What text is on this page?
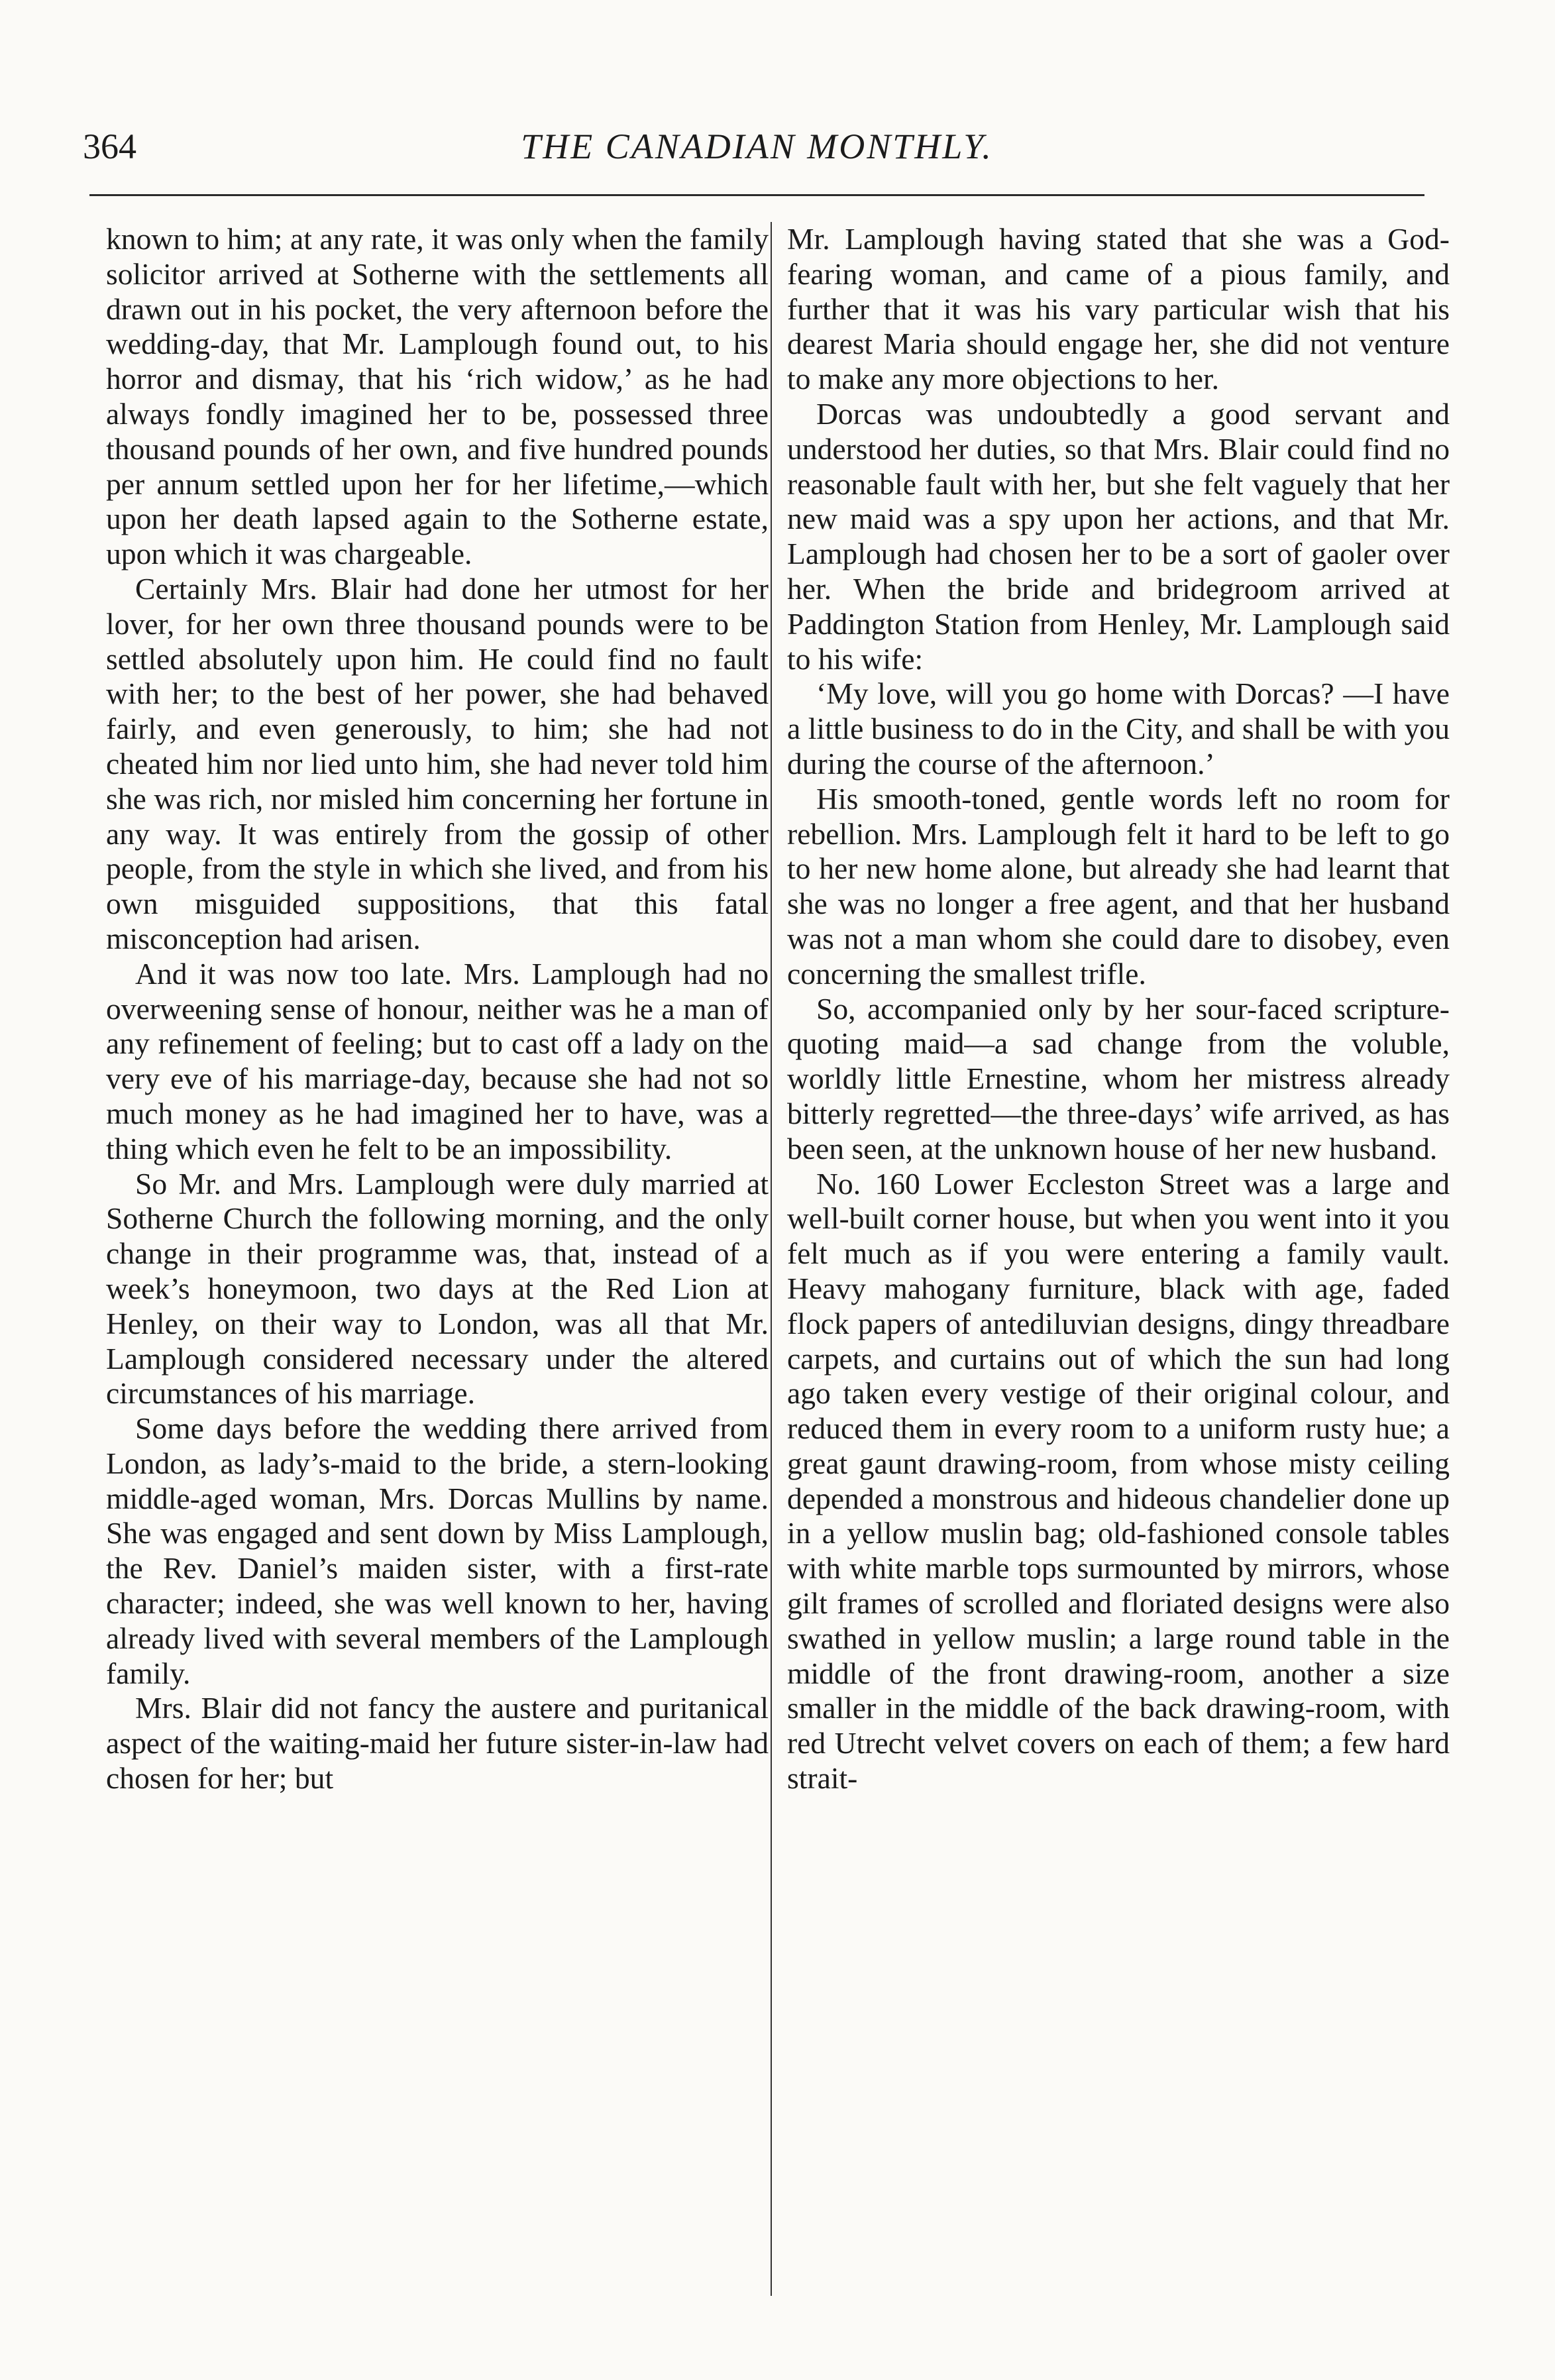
364	THE CANADIAN MONTHLY.

known to him; at any rate, it was only when the family solicitor arrived at Sotherne with the settlements all drawn out in his pocket, the very afternoon before the wedding-day, that Mr. Lamplough found out, to his horror and dismay, that his ‘rich widow,’ as he had always fondly imagined her to be, possessed three thousand pounds of her own, and five hundred pounds per annum settled upon her for her lifetime,—which upon her death lapsed again to the Sotherne estate, upon which it was chargeable.

Certainly Mrs. Blair had done her utmost for her lover, for her own three thousand pounds were to be settled absolutely upon him. He could find no fault with her; to the best of her power, she had behaved fairly, and even generously, to him; she had not cheated him nor lied unto him, she had never told him she was rich, nor misled him concerning her fortune in any way. It was entirely from the gossip of other people, from the style in which she lived, and from his own misguided suppositions, that this fatal misconception had arisen.

And it was now too late. Mrs. Lamplough had no overweening sense of honour, neither was he a man of any refinement of feeling; but to cast off a lady on the very eve of his marriage-day, because she had not so much money as he had imagined her to have, was a thing which even he felt to be an impossibility.

So Mr. and Mrs. Lamplough were duly married at Sotherne Church the following morning, and the only change in their programme was, that, instead of a week’s honeymoon, two days at the Red Lion at Henley, on their way to London, was all that Mr. Lamplough considered necessary under the altered circumstances of his marriage.

Some days before the wedding there arrived from London, as lady’s-maid to the bride, a stern-looking middle-aged woman, Mrs. Dorcas Mullins by name. She was engaged and sent down by Miss Lamplough, the Rev. Daniel’s maiden sister, with a first-rate character; indeed, she was well known to her, having already lived with several members of the Lamplough family.

Mrs. Blair did not fancy the austere and puritanical aspect of the waiting-maid her future sister-in-law had chosen for her; but

Mr. Lamplough having stated that she was a God-fearing woman, and came of a pious family, and further that it was his vary particular wish that his dearest Maria should engage her, she did not venture to make any more objections to her.

Dorcas was undoubtedly a good servant and understood her duties, so that Mrs. Blair could find no reasonable fault with her, but she felt vaguely that her new maid was a spy upon her actions, and that Mr. Lamplough had chosen her to be a sort of gaoler over her. When the bride and bridegroom arrived at Paddington Station from Henley, Mr. Lamplough said to his wife:

‘My love, will you go home with Dorcas? —I have a little business to do in the City, and shall be with you during the course of the afternoon.’

His smooth-toned, gentle words left no room for rebellion. Mrs. Lamplough felt it hard to be left to go to her new home alone, but already she had learnt that she was no longer a free agent, and that her husband was not a man whom she could dare to disobey, even concerning the smallest trifle.

So, accompanied only by her sour-faced scripture-quoting maid—a sad change from the voluble, worldly little Ernestine, whom her mistress already bitterly regretted—the three-days’ wife arrived, as has been seen, at the unknown house of her new husband.

No. 160 Lower Eccleston Street was a large and well-built corner house, but when you went into it you felt much as if you were entering a family vault. Heavy mahogany furniture, black with age, faded flock papers of antediluvian designs, dingy threadbare carpets, and curtains out of which the sun had long ago taken every vestige of their original colour, and reduced them in every room to a uniform rusty hue; a great gaunt drawing-room, from whose misty ceiling depended a monstrous and hideous chandelier done up in a yellow muslin bag; old-fashioned console tables with white marble tops surmounted by mirrors, whose gilt frames of scrolled and floriated designs were also swathed in yellow muslin; a large round table in the middle of the front drawing-room, another a size smaller in the middle of the back drawing-room, with red Utrecht velvet covers on each of them; a few hard strait-
